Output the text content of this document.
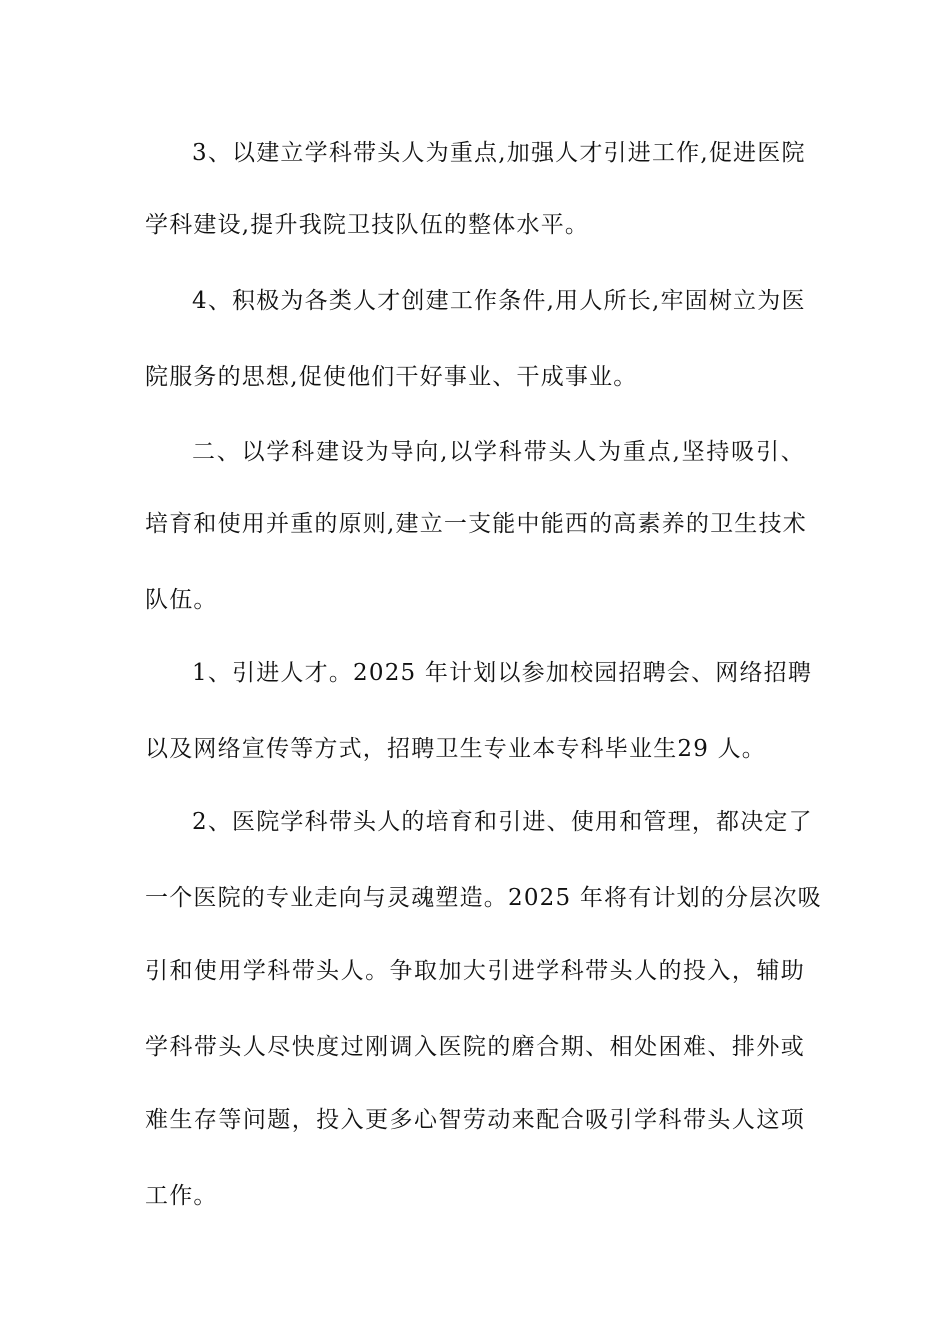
3、以建立学科带头人为重点,加强人才引进工作,促进医院
学科建设,提升我院卫技队伍的整体水平。
4、积极为各类人才创建工作条件,用人所长,牢固树立为医
院服务的思想,促使他们干好事业、干成事业。
二、以学科建设为导向,以学科带头人为重点,坚持吸引、
培育和使用并重的原则,建立一支能中能西的高素养的卫生技术
队伍。
1、引进人才。2025 年计划以参加校园招聘会、网络招聘
以及网络宣传等方式，招聘卫生专业本专科毕业生29 人。
2、医院学科带头人的培育和引进、使用和管理，都决定了
一个医院的专业走向与灵魂塑造。2025 年将有计划的分层次吸
引和使用学科带头人。争取加大引进学科带头人的投入，辅助
学科带头人尽快度过刚调入医院的磨合期、相处困难、排外或
难生存等问题，投入更多心智劳动来配合吸引学科带头人这项
工作。
